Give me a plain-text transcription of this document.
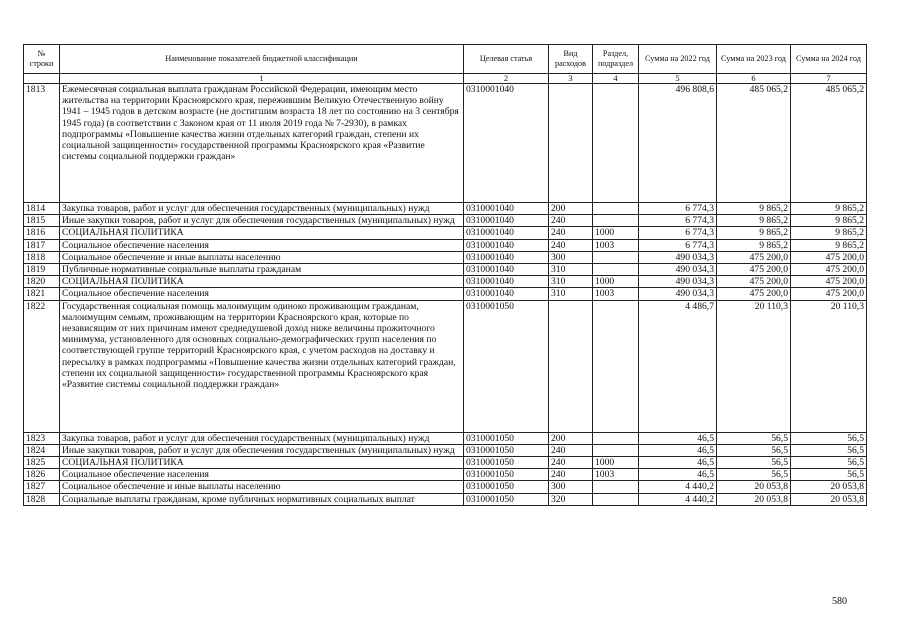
№ строки	Наименование показателей бюджетной классификации	Целевая статья	Вид расходов	Раздел, подраздел	Сумма на 2022 год	Сумма на 2023 год	Сумма на 2024 год
	1	2	3	4	5	6	7
1813	Ежемесячная социальная выплата гражданам Российской Федерации, имеющим место жительства на территории Красноярского края, пережившим Великую Отечественную войну 1941 – 1945 годов в детском возрасте (не достигшим возраста 18 лет по состоянию на 3 сентября 1945 года) (в соответствии с Законом края от 11 июля 2019 года № 7-2930), в рамках подпрограммы «Повышение качества жизни отдельных категорий граждан, степени их социальной защищенности» государственной программы Красноярского края «Развитие системы социальной поддержки граждан»	0310001040			496 808,6	485 065,2	485 065,2
1814	Закупка товаров, работ и услуг для обеспечения государственных (муниципальных) нужд	0310001040	200		6 774,3	9 865,2	9 865,2
1815	Иные закупки товаров, работ и услуг для обеспечения государственных (муниципальных) нужд	0310001040	240		6 774,3	9 865,2	9 865,2
1816	СОЦИАЛЬНАЯ ПОЛИТИКА	0310001040	240	1000	6 774,3	9 865,2	9 865,2
1817	Социальное обеспечение населения	0310001040	240	1003	6 774,3	9 865,2	9 865,2
1818	Социальное обеспечение и иные выплаты населению	0310001040	300		490 034,3	475 200,0	475 200,0
1819	Публичные нормативные социальные выплаты гражданам	0310001040	310		490 034,3	475 200,0	475 200,0
1820	СОЦИАЛЬНАЯ ПОЛИТИКА	0310001040	310	1000	490 034,3	475 200,0	475 200,0
1821	Социальное обеспечение населения	0310001040	310	1003	490 034,3	475 200,0	475 200,0
1822	Государственная социальная помощь малоимущим одиноко проживающим гражданам, малоимущим семьям, проживающим на территории Красноярского края, которые по независящим от них причинам имеют среднедушевой доход ниже величины прожиточного минимума, установленного для основных социально-демографических групп населения по соответствующей группе территорий Красноярского края, с учетом расходов на доставку и пересылку в рамках подпрограммы «Повышение качества жизни отдельных категорий граждан, степени их социальной защищенности» государственной программы Красноярского края «Развитие системы социальной поддержки граждан»	0310001050			4 486,7	20 110,3	20 110,3
1823	Закупка товаров, работ и услуг для обеспечения государственных (муниципальных) нужд	0310001050	200		46,5	56,5	56,5
1824	Иные закупки товаров, работ и услуг для обеспечения государственных (муниципальных) нужд	0310001050	240		46,5	56,5	56,5
1825	СОЦИАЛЬНАЯ ПОЛИТИКА	0310001050	240	1000	46,5	56,5	56,5
1826	Социальное обеспечение населения	0310001050	240	1003	46,5	56,5	56,5
1827	Социальное обеспечение и иные выплаты населению	0310001050	300		4 440,2	20 053,8	20 053,8
1828	Социальные выплаты гражданам, кроме публичных нормативных социальных выплат	0310001050	320		4 440,2	20 053,8	20 053,8
580
